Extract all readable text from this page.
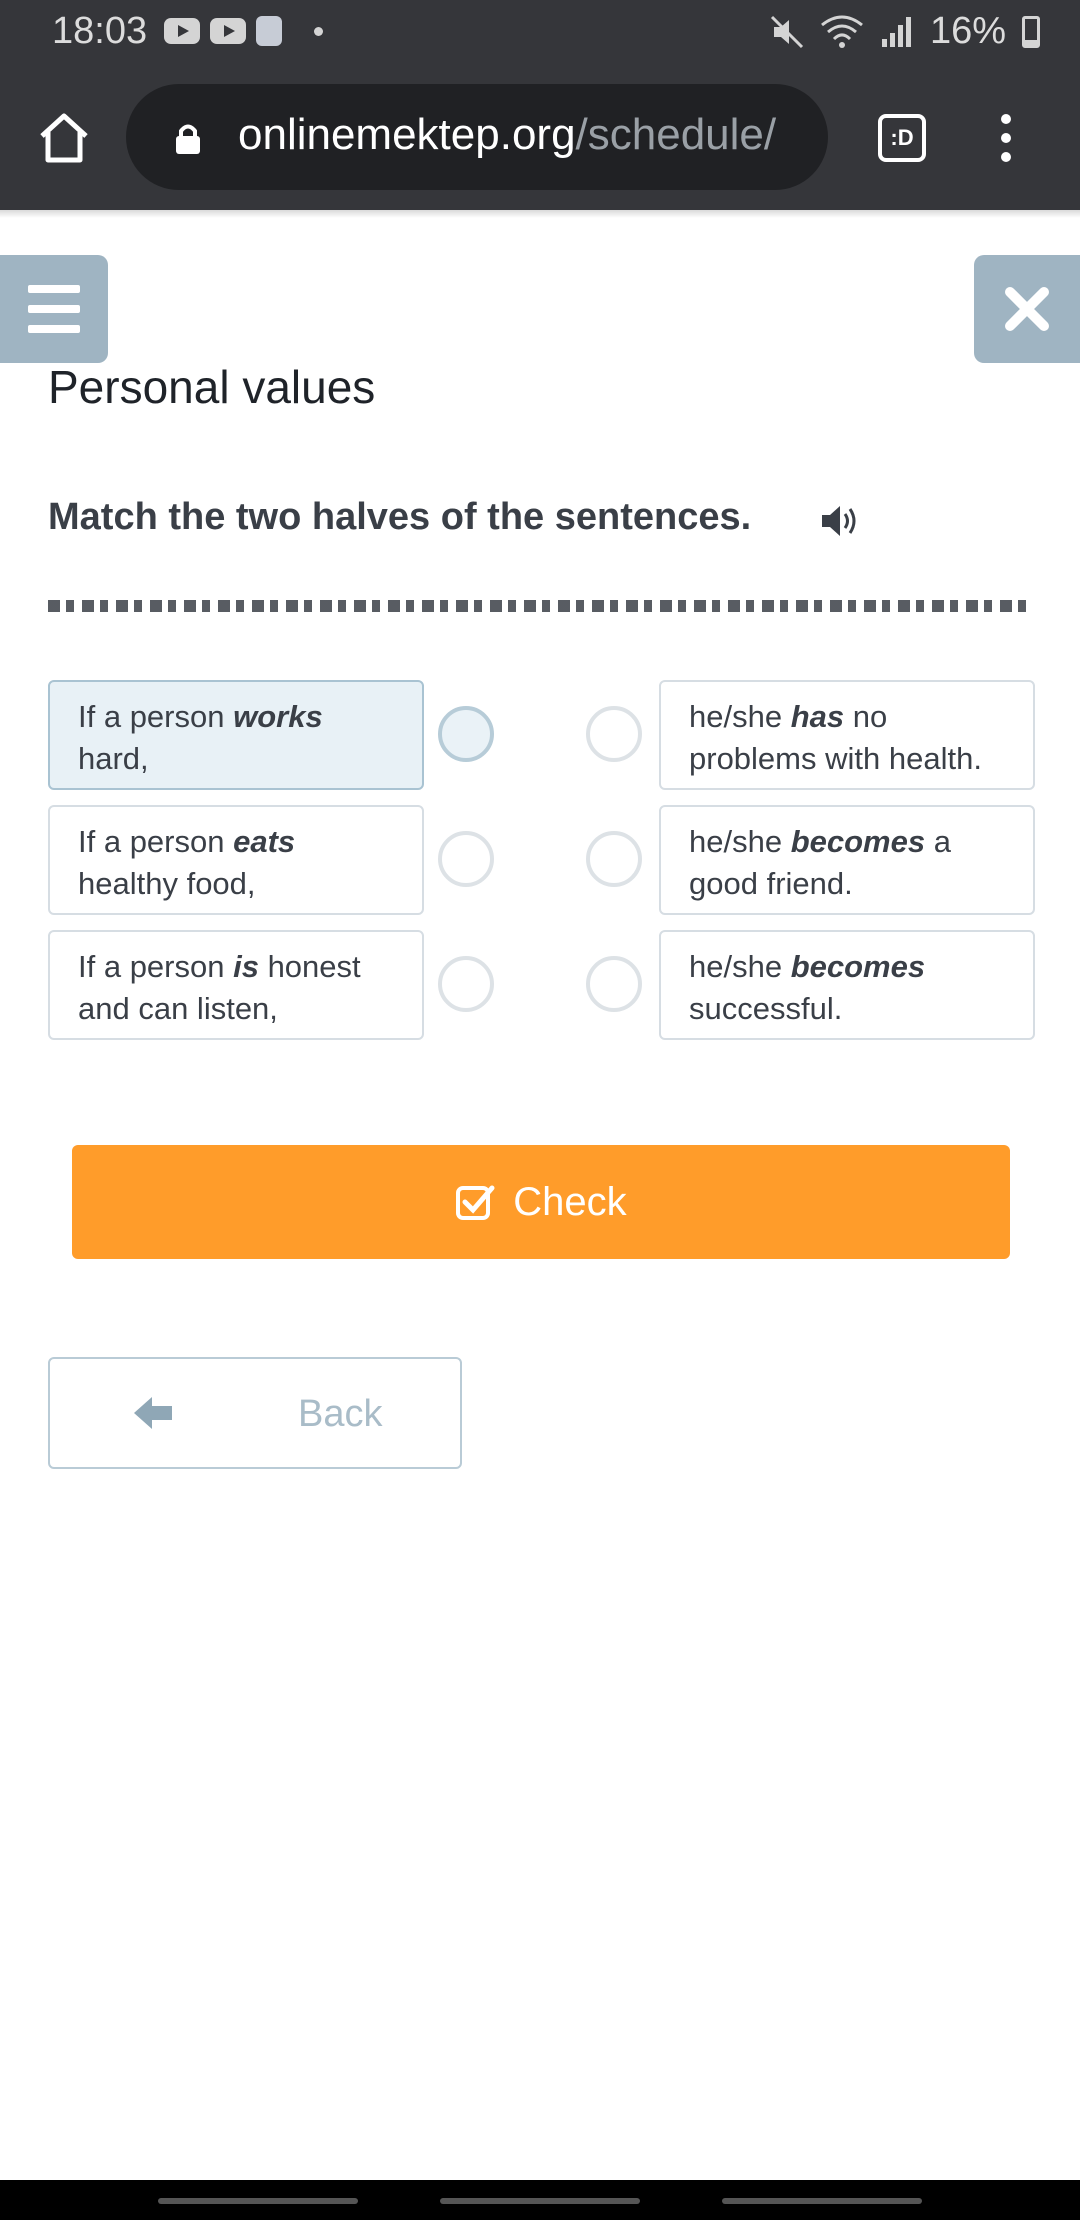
18:03	16%
onlinemektep.org/schedule/	:D
Personal values
Match the two halves of the sentences.
If a person works hard,
he/she has no problems with health.
If a person eats healthy food,
he/she becomes a good friend.
If a person is honest and can listen,
he/she becomes successful.
Check
Back
